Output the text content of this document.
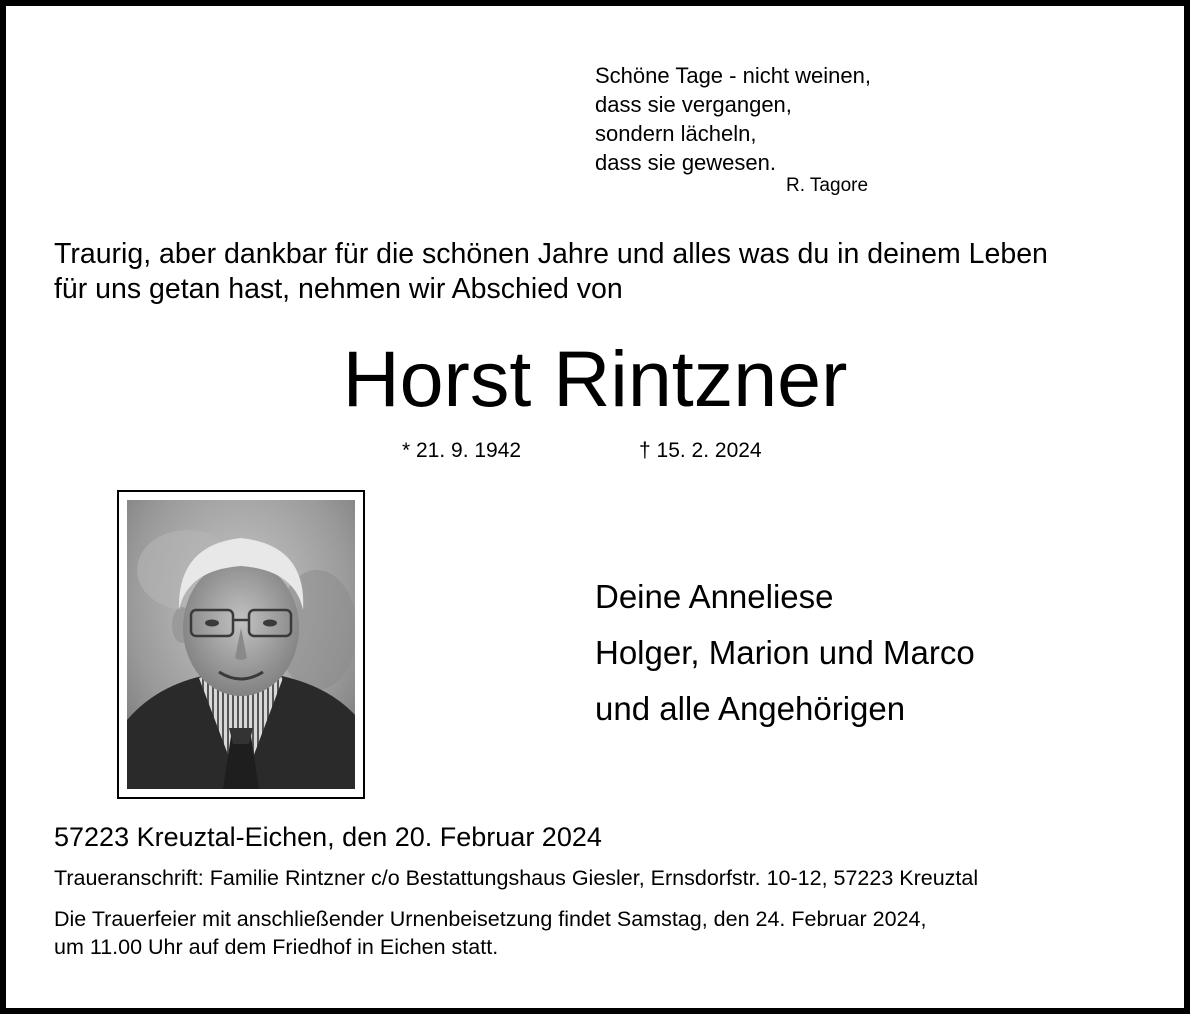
Schöne Tage - nicht weinen,
dass sie vergangen,
sondern lächeln,
dass sie gewesen.
R. Tagore
Traurig, aber dankbar für die schönen Jahre und alles was du in deinem Leben
für uns getan hast, nehmen wir Abschied von
Horst Rintzner
* 21. 9. 1942	† 15. 2. 2024
Deine Anneliese
Holger, Marion und Marco
und alle Angehörigen
57223 Kreuztal-Eichen, den 20. Februar 2024
Traueranschrift: Familie Rintzner c/o Bestattungshaus Giesler, Ernsdorfstr. 10-12, 57223 Kreuztal
Die Trauerfeier mit anschließender Urnenbeisetzung findet Samstag, den 24. Februar 2024,
um 11.00 Uhr auf dem Friedhof in Eichen statt.
